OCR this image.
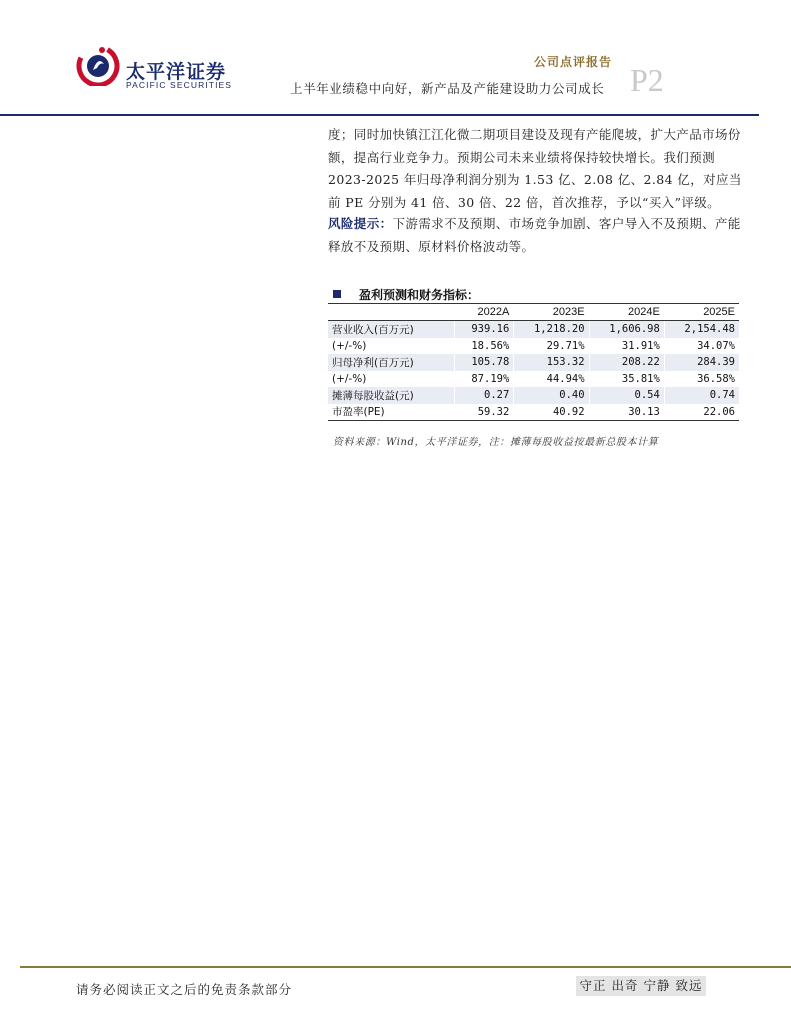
太平洋证券
PACIFIC SECURITIES
公司点评报告
上半年业绩稳中向好，新产品及产能建设助力公司成长 P2

度；同时加快镇江江化微二期项目建设及现有产能爬坡，扩大产品市场份额，提高行业竞争力。预期公司未来业绩将保持较快增长。我们预测 2023-2025 年归母净利润分别为 1.53 亿、2.08 亿、2.84 亿，对应当前 PE 分别为 41 倍、30 倍、22 倍，首次推荐，予以“买入”评级。

风险提示：下游需求不及预期、市场竞争加剧、客户导入不及预期、产能释放不及预期、原材料价格波动等。

盈利预测和财务指标：
	2022A	2023E	2024E	2025E
营业收入(百万元)	939.16	1,218.20	1,606.98	2,154.48
(+/-%)	18.56%	29.71%	31.91%	34.07%
归母净利(百万元)	105.78	153.32	208.22	284.39
(+/-%)	87.19%	44.94%	35.81%	36.58%
摊薄每股收益(元)	0.27	0.40	0.54	0.74
市盈率(PE)	59.32	40.92	30.13	22.06
资料来源：Wind，太平洋证券，注：摊薄每股收益按最新总股本计算
请务必阅读正文之后的免责条款部分	守正 出奇 宁静 致远
